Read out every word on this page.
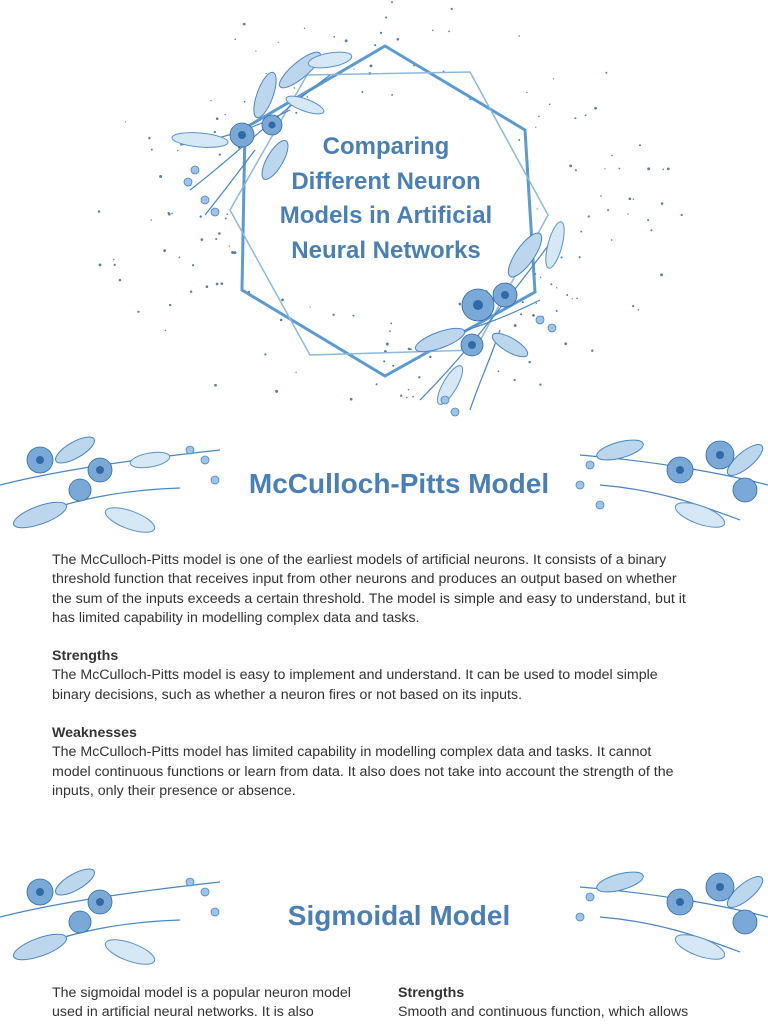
Comparing
Different Neuron
Models in Artificial
Neural Networks
McCulloch-Pitts Model

The McCulloch-Pitts model is one of the earliest models of artificial neurons. It consists of a binary
threshold function that receives input from other neurons and produces an output based on whether
the sum of the inputs exceeds a certain threshold. The model is simple and easy to understand, but it
has limited capability in modelling complex data and tasks.

Strengths
The McCulloch-Pitts model is easy to implement and understand. It can be used to model simple
binary decisions, such as whether a neuron fires or not based on its inputs.

Weaknesses
The McCulloch-Pitts model has limited capability in modelling complex data and tasks. It cannot
model continuous functions or learn from data. It also does not take into account the strength of the
inputs, only their presence or absence.

Sigmoidal Model

The sigmoidal model is a popular neuron model
used in artificial neural networks. It is also

Strengths
Smooth and continuous function, which allows
